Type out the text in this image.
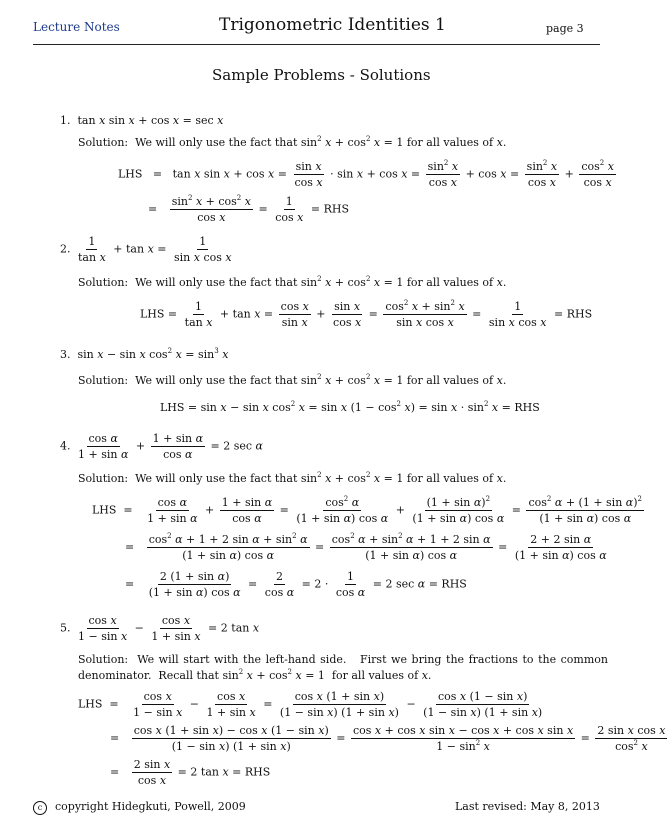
Lecture Notes	Trigonometric Identities 1	page 3
Sample Problems - Solutions
1. tan x sin x + cos x = sec x
Solution:  We will only use the fact that $\sin^2 x + \cos^2 x = 1$ for all values of x.
LHS   =   tan x $\sin x + \cos x = \frac{\text{sin x}}{\text{cos x}} \cdot \sin x + \cos x = \frac{\sin^2 x}{\text{cos x}} + \cos x = \frac{\sin^2 x}{\text{cos x}} + \frac{\cos^2 x}{\text{cos x}}$
= $\frac{\sin^2 x + \cos^2 x}{\text{cos x}} = \frac{1}{\text{cos x}}$ = RHS
2. $\frac{1}{\text{tan x}} + \tan x = \frac{1}{\text{sin x cos x}}$
Solution:  We will only use the fact that $\sin^2 x + \cos^2 x = 1$ for all values of x.
LHS = $\frac{1}{\text{tan x}} + \tan x = \frac{\text{cos x}}{\text{sin x}} + \frac{\text{sin x}}{\text{cos x}} = \frac{\cos^2 x + \sin^2 x}{\text{sin x cos x}} = \frac{1}{\text{sin x cos x}}$ = RHS
3. sin x − sin x $\cos^2 x = \sin^3 x$
Solution:  We will only use the fact that $\sin^2 x + \cos^2 x = 1$ for all values of x.
LHS = sin x − sin x $\cos^2 x = \sin x$ $(1 - \cos^2 x) = \sin x \cdot \sin^2 x$ = RHS
4. $\frac{\text{cos α}}{\text{1 + sin α}} + \frac{\text{1 + sin α}}{\text{cos α}} = 2$ sec α
Solution:  We will only use the fact that $\sin^2 x + \cos^2 x = 1$ for all values of x.
LHS  = $\frac{\text{cos α}}{\text{1 + sin α}} + \frac{\text{1 + sin α}}{\text{cos α}} = \frac{\cos^2 \alpha}{\text{(1 + sin α) cos α}} + \frac{(1 + \sin \alpha)^2}{\text{(1 + sin α) cos α}} = \frac{\cos^2 \alpha + (1 + \sin \alpha)^2}{\text{(1 + sin α) cos α}}$
= $\frac{\cos^2 \alpha + 1 + 2 \sin \alpha + \sin^2 \alpha}{\text{(1 + sin α) cos α}} = \frac{\cos^2 \alpha + \sin^2 \alpha + 1 + 2 \sin \alpha}{\text{(1 + sin α) cos α}} = \frac{\text{2 + 2 sin α}}{\text{(1 + sin α) cos α}}$
= $\frac{\text{2 (1 + sin α)}}{\text{(1 + sin α) cos α}} = \frac{2}{\text{cos α}} = 2 \cdot \frac{1}{\text{cos α}} = 2$ sec α = RHS
5. $\frac{\text{cos x}}{\text{1 − sin x}} - \frac{\text{cos x}}{\text{1 + sin x}} = 2$ tan x
Solution:  We will start with the left-hand side.   First we bring the fractions to the common denominator.  Recall that $\sin^2 x + \cos^2 x = 1$  for all values of x.
LHS  = $\frac{\text{cos x}}{\text{1 − sin x}} - \frac{\text{cos x}}{\text{1 + sin x}} = \frac{\text{cos x (1 + sin x)}}{\text{(1 − sin x) (1 + sin x)}} - \frac{\text{cos x (1 − sin x)}}{\text{(1 − sin x) (1 + sin x)}}$
= $\frac{\text{cos x (1 + sin x) − cos x (1 − sin x)}}{\text{(1 − sin x) (1 + sin x)}} = \frac{\text{cos x + cos x sin x − cos x + cos x sin x}}{1 - \sin^2 x} = \frac{\text{2 sin x cos x}}{\cos^2 x}$
= $\frac{\text{2 sin x}}{\text{cos x}} = 2$ tan x = RHS
c copyright Hidegkuti, Powell, 2009	Last revised: May 8, 2013
